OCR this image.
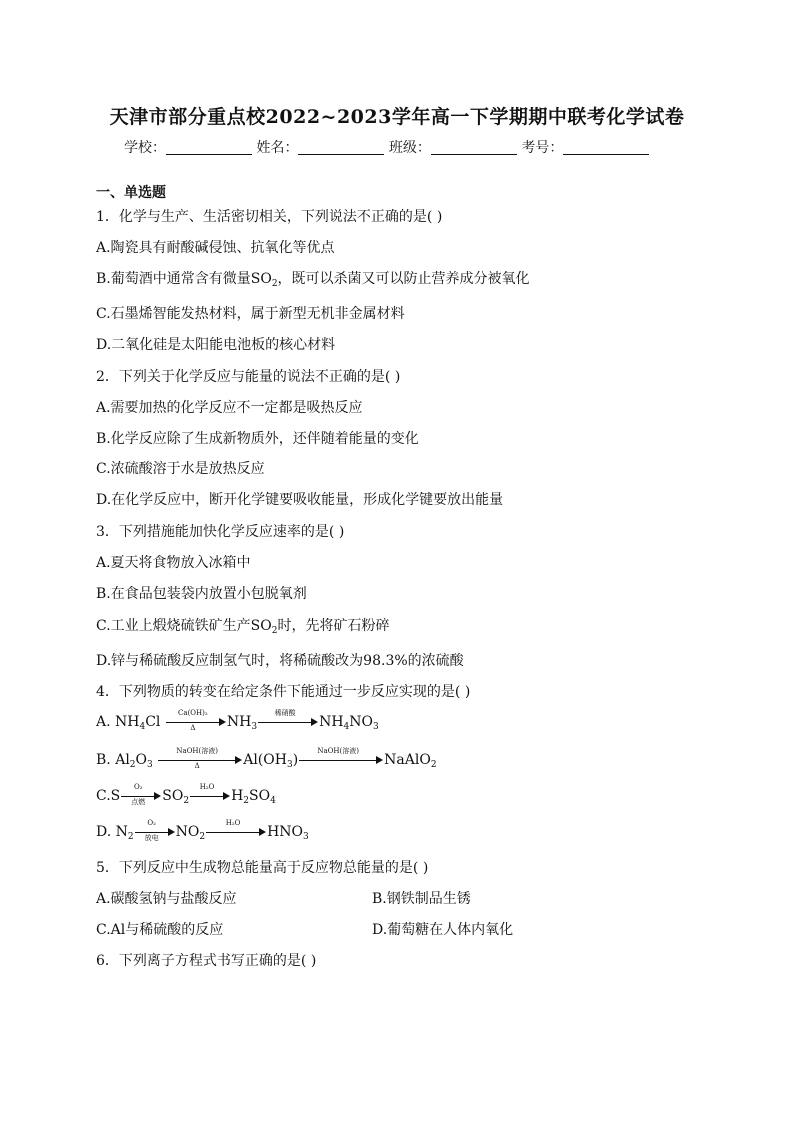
天津市部分重点校2022~2023学年高一下学期期中联考化学试卷
学校：	姓名：	班级：	考号：
一、单选题
1．化学与生产、生活密切相关，下列说法不正确的是( )
A.陶瓷具有耐酸碱侵蚀、抗氧化等优点
B.葡萄酒中通常含有微量$SO_2$，既可以杀菌又可以防止营养成分被氧化
C.石墨烯智能发热材料，属于新型无机非金属材料
D.二氧化硅是太阳能电池板的核心材料
2．下列关于化学反应与能量的说法不正确的是( )
A.需要加热的化学反应不一定都是吸热反应
B.化学反应除了生成新物质外，还伴随着能量的变化
C.浓硫酸溶于水是放热反应
D.在化学反应中，断开化学键要吸收能量，形成化学键要放出能量
3．下列措施能加快化学反应速率的是( )
A.夏天将食物放入冰箱中
B.在食品包装袋内放置小包脱氧剂
C.工业上煅烧硫铁矿生产$SO_2$时，先将矿石粉碎
D.锌与稀硫酸反应制氢气时，将稀硫酸改为98.3%的浓硫酸
4．下列物质的转变在给定条件下能通过一步反应实现的是( )
A. $NH_4Cl \frac{\text{Ca(OH)₂}}{\Delta} NH_3$
稀硝酸
$NH_4NO_3$
B. $Al_2O_3$
NaOH(溶液)
Δ	$Al(OH_3)$
NaOH(溶液)
NaAlO$_2$
C.S
O₂
点燃	$SO_2$
H₂O
$H_2SO_4$
D. $N_2$
O₂
放电	$NO_2$
H₂O
$HNO_3$
5．下列反应中生成物总能量高于反应物总能量的是( )
A.碳酸氢钠与盐酸反应	B.钢铁制品生锈
C.Al与稀硫酸的反应	D.葡萄糖在人体内氧化
6．下列离子方程式书写正确的是( )
